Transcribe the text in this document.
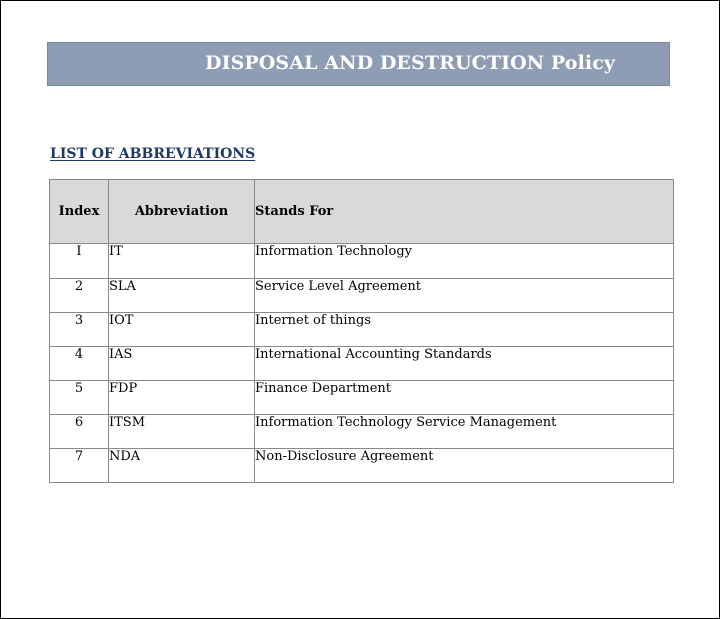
DISPOSAL AND DESTRUCTION Policy
LIST OF ABBREVIATIONS
Index	Abbreviation	Stands For
I	IT	Information Technology
2	SLA	Service Level Agreement
3	IOT	Internet of things
4	IAS	International Accounting Standards
5	FDP	Finance Department
6	ITSM	Information Technology Service Management
7	NDA	Non-Disclosure Agreement
